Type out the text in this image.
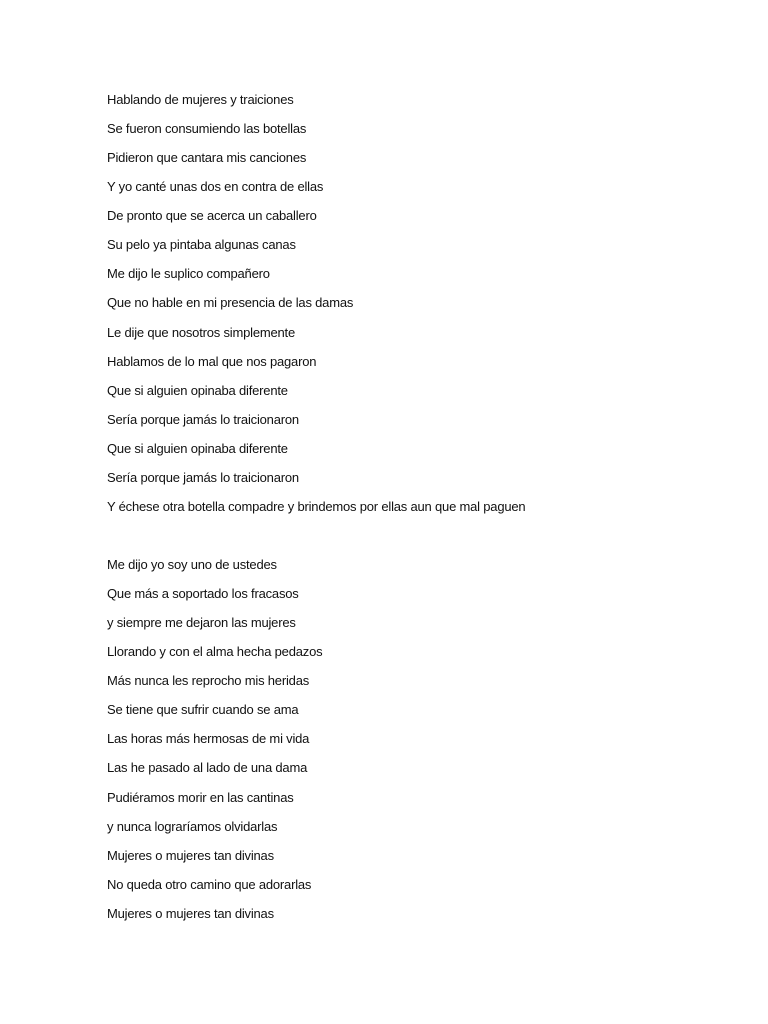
Hablando de mujeres y traiciones
Se fueron consumiendo las botellas
Pidieron que cantara mis canciones
Y yo canté unas dos en contra de ellas
De pronto que se acerca un caballero
Su pelo ya pintaba algunas canas
Me dijo le suplico compañero
Que no hable en mi presencia de las damas
Le dije que nosotros simplemente
Hablamos de lo mal que nos pagaron
Que si alguien opinaba diferente
Sería porque jamás lo traicionaron
Que si alguien opinaba diferente
Sería porque jamás lo traicionaron
Y échese otra botella compadre y brindemos por ellas aun que mal paguen
Me dijo yo soy uno de ustedes
Que más a soportado los fracasos
y siempre me dejaron las mujeres
Llorando y con el alma hecha pedazos
Más nunca les reprocho mis heridas
Se tiene que sufrir cuando se ama
Las horas más hermosas de mi vida
Las he pasado al lado de una dama
Pudiéramos morir en las cantinas
y nunca lograríamos olvidarlas
Mujeres o mujeres tan divinas
No queda otro camino que adorarlas
Mujeres o mujeres tan divinas
